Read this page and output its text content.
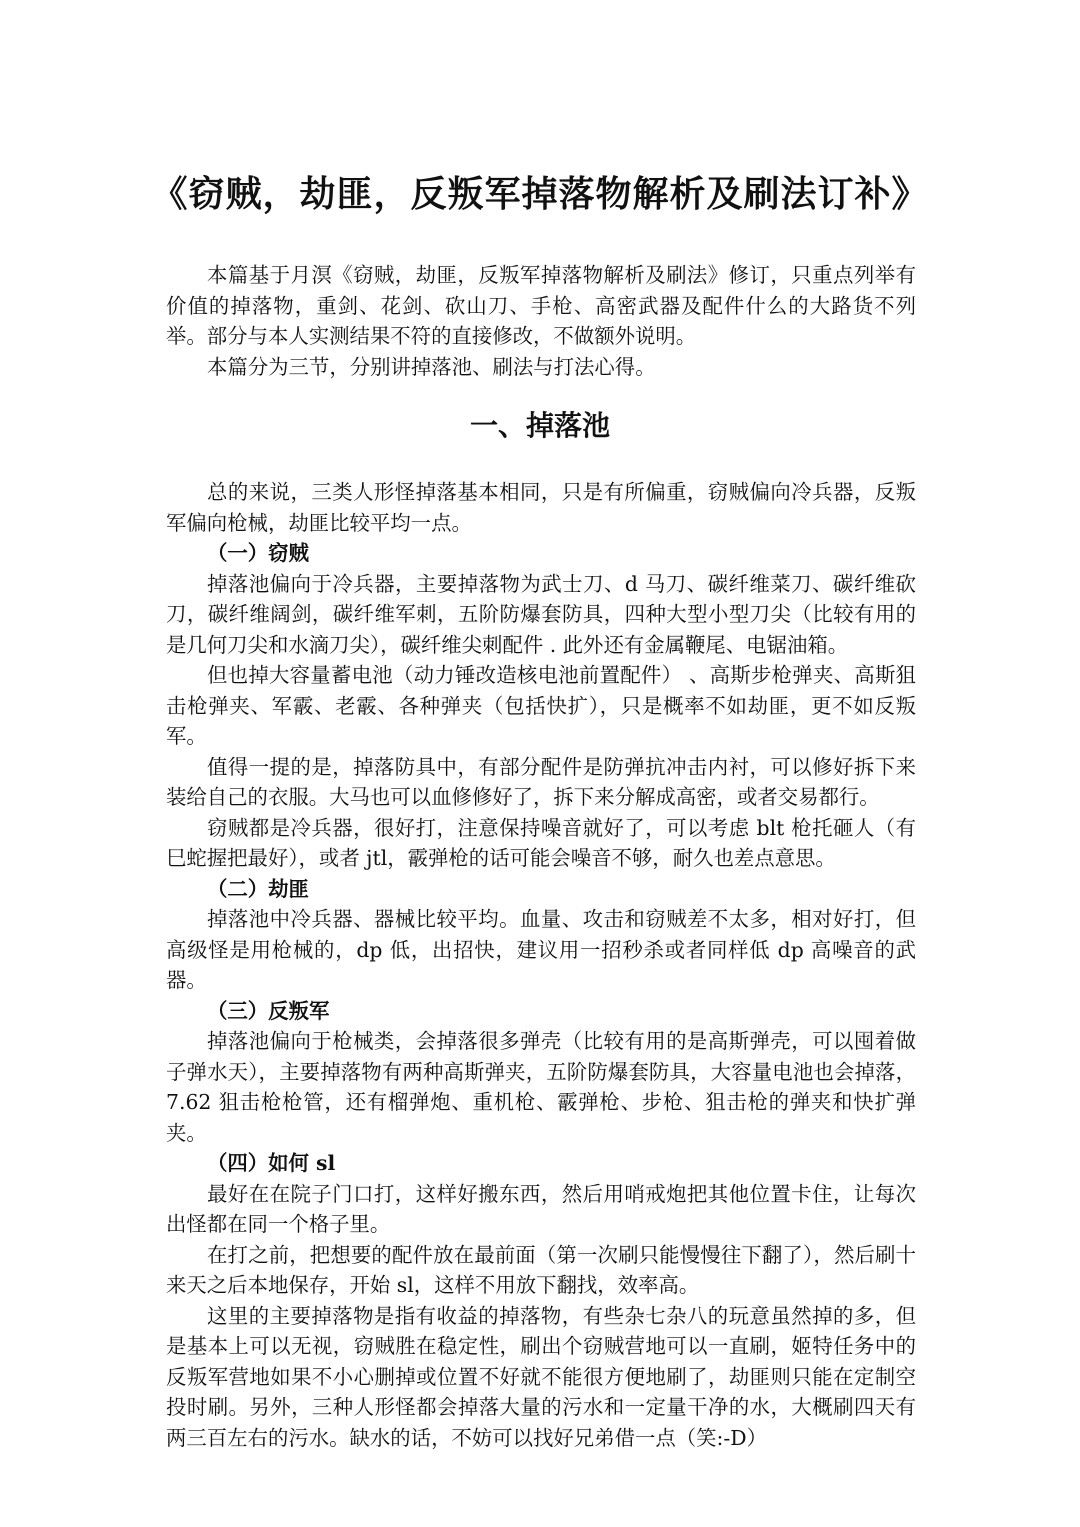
《窃贼，劫匪，反叛军掉落物解析及刷法订补》

本篇基于月溟《窃贼，劫匪，反叛军掉落物解析及刷法》修订，只重点列举有价值的掉落物，重剑、花剑、砍山刀、手枪、高密武器及配件什么的大路货不列举。部分与本人实测结果不符的直接修改，不做额外说明。

本篇分为三节，分别讲掉落池、刷法与打法心得。

一、掉落池

总的来说，三类人形怪掉落基本相同，只是有所偏重，窃贼偏向冷兵器，反叛军偏向枪械，劫匪比较平均一点。

（一）窃贼

掉落池偏向于冷兵器，主要掉落物为武士刀、d 马刀、碳纤维菜刀、碳纤维砍刀，碳纤维阔剑，碳纤维军刺，五阶防爆套防具，四种大型小型刀尖（比较有用的是几何刀尖和水滴刀尖），碳纤维尖刺配件 . 此外还有金属鞭尾、电锯油箱。

但也掉大容量蓄电池（动力锤改造核电池前置配件） 、高斯步枪弹夹、高斯狙击枪弹夹、军霰、老霰、各种弹夹（包括快扩），只是概率不如劫匪，更不如反叛军。

值得一提的是，掉落防具中，有部分配件是防弹抗冲击内衬，可以修好拆下来装给自己的衣服。大马也可以血修修好了，拆下来分解成高密，或者交易都行。

窃贼都是冷兵器，很好打，注意保持噪音就好了，可以考虑 blt 枪托砸人（有巳蛇握把最好），或者 jtl，霰弹枪的话可能会噪音不够，耐久也差点意思。

（二）劫匪

掉落池中冷兵器、器械比较平均。血量、攻击和窃贼差不太多，相对好打，但高级怪是用枪械的，dp 低，出招快，建议用一招秒杀或者同样低 dp 高噪音的武器。

（三）反叛军

掉落池偏向于枪械类，会掉落很多弹壳（比较有用的是高斯弹壳，可以囤着做子弹水天），主要掉落物有两种高斯弹夹，五阶防爆套防具，大容量电池也会掉落，7.62 狙击枪枪管，还有榴弹炮、重机枪、霰弹枪、步枪、狙击枪的弹夹和快扩弹夹。

（四）如何 sl

最好在在院子门口打，这样好搬东西，然后用哨戒炮把其他位置卡住，让每次出怪都在同一个格子里。

在打之前，把想要的配件放在最前面（第一次刷只能慢慢往下翻了），然后刷十来天之后本地保存，开始 sl，这样不用放下翻找，效率高。

这里的主要掉落物是指有收益的掉落物，有些杂七杂八的玩意虽然掉的多，但是基本上可以无视，窃贼胜在稳定性，刷出个窃贼营地可以一直刷，姬特任务中的反叛军营地如果不小心删掉或位置不好就不能很方便地刷了，劫匪则只能在定制空投时刷。另外，三种人形怪都会掉落大量的污水和一定量干净的水，大概刷四天有两三百左右的污水。缺水的话，不妨可以找好兄弟借一点（笑:-D）
